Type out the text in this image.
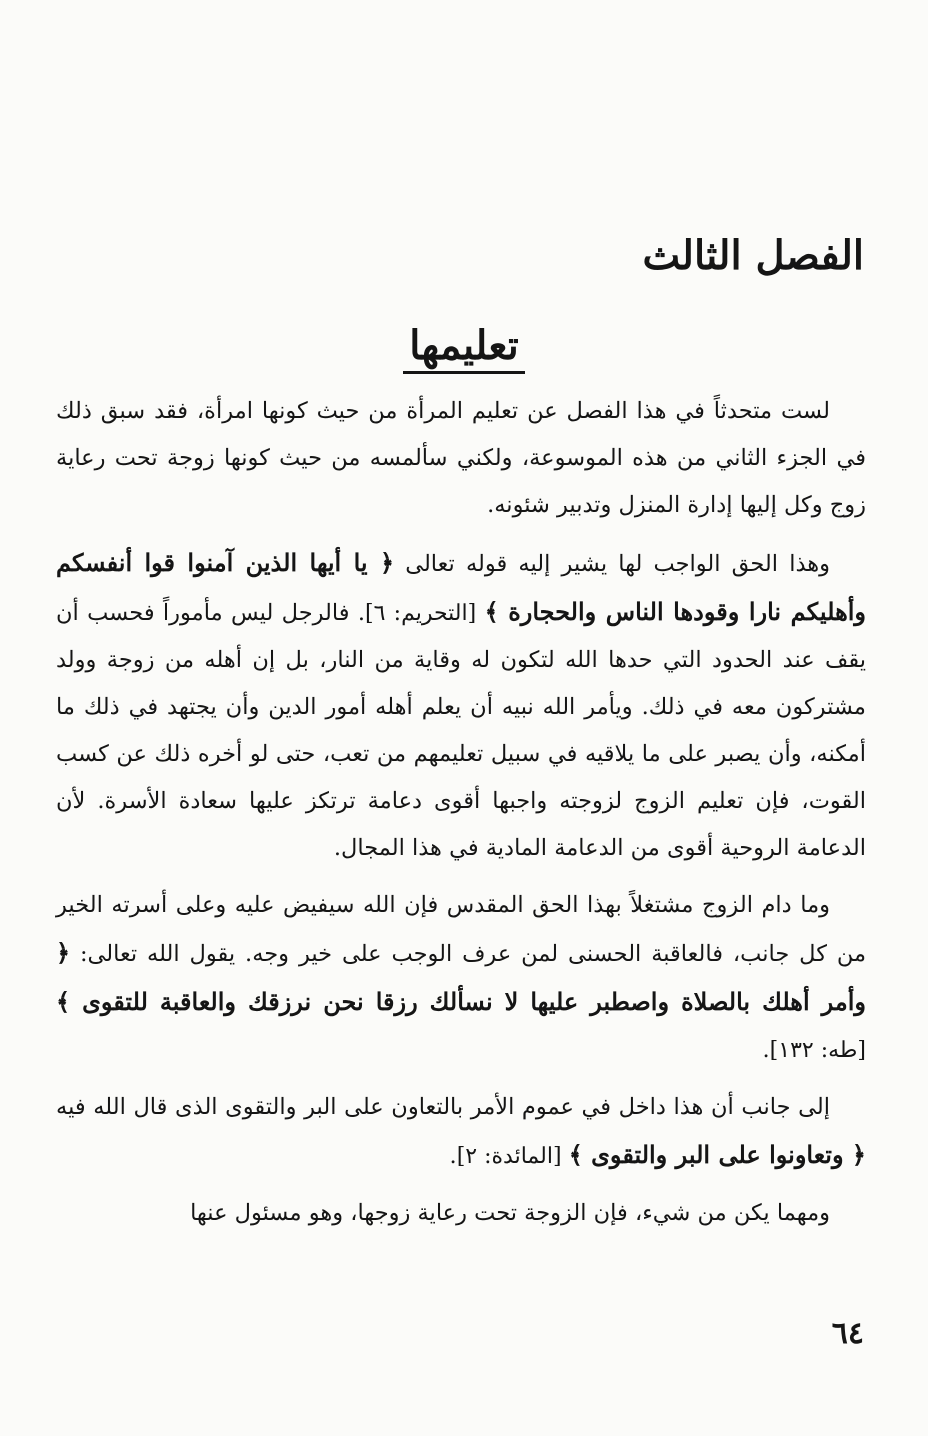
الفصل الثالث
تعليمها

لست متحدثاً في هذا الفصل عن تعليم المرأة من حيث كونها امرأة، فقد سبق ذلك في الجزء الثاني من هذه الموسوعة، ولكني سألمسه من حيث كونها زوجة تحت رعاية زوج وكل إليها إدارة المنزل وتدبير شئونه.

وهذا الحق الواجب لها يشير إليه قوله تعالى ﴿ يا أيها الذين آمنوا قوا أنفسكم وأهليكم نارا وقودها الناس والحجارة ﴾ [التحريم: ٦]. فالرجل ليس مأموراً فحسب أن يقف عند الحدود التي حدها الله لتكون له وقاية من النار، بل إن أهله من زوجة وولد مشتركون معه في ذلك. ويأمر الله نبيه أن يعلم أهله أمور الدين وأن يجتهد في ذلك ما أمكنه، وأن يصبر على ما يلاقيه في سبيل تعليمهم من تعب، حتى لو أخره ذلك عن كسب القوت، فإن تعليم الزوج لزوجته واجبها أقوى دعامة ترتكز عليها سعادة الأسرة. لأن الدعامة الروحية أقوى من الدعامة المادية في هذا المجال.

وما دام الزوج مشتغلاً بهذا الحق المقدس فإن الله سيفيض عليه وعلى أسرته الخير من كل جانب، فالعاقبة الحسنى لمن عرف الوجب على خير وجه. يقول الله تعالى: ﴿ وأمر أهلك بالصلاة واصطبر عليها لا نسألك رزقا نحن نرزقك والعاقبة للتقوى ﴾ [طه: ١٣٢].

إلى جانب أن هذا داخل في عموم الأمر بالتعاون على البر والتقوى الذى قال الله فيه ﴿ وتعاونوا على البر والتقوى ﴾ [المائدة: ٢].

ومهما يكن من شيء، فإن الزوجة تحت رعاية زوجها، وهو مسئول عنها

٦٤
